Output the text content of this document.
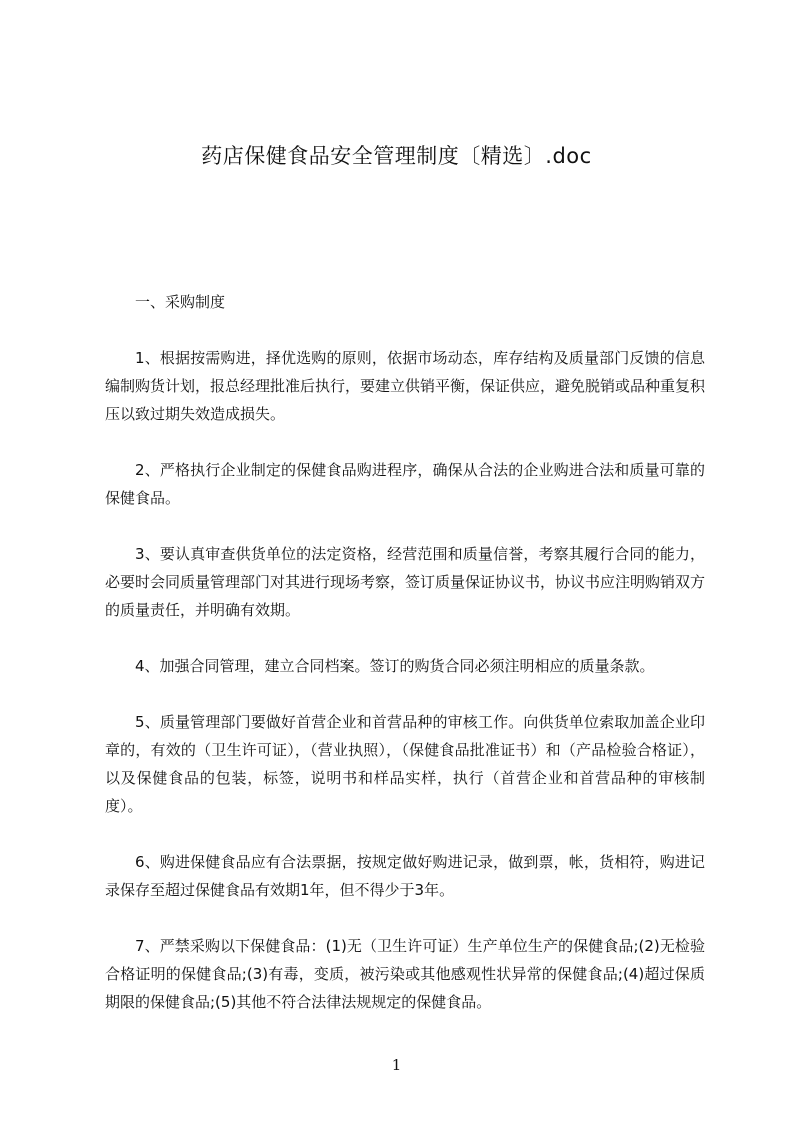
药店保健食品安全管理制度〔精选〕.doc

一、采购制度

1、根据按需购进，择优选购的原则，依据市场动态，库存结构及质量部门反馈的信息编制购货计划，报总经理批准后执行，要建立供销平衡，保证供应，避免脱销或品种重复积压以致过期失效造成损失。

2、严格执行企业制定的保健食品购进程序，确保从合法的企业购进合法和质量可靠的保健食品。

3、要认真审查供货单位的法定资格，经营范围和质量信誉，考察其履行合同的能力，必要时会同质量管理部门对其进行现场考察，签订质量保证协议书，协议书应注明购销双方的质量责任，并明确有效期。

4、加强合同管理，建立合同档案。签订的购货合同必须注明相应的质量条款。

5、质量管理部门要做好首营企业和首营品种的审核工作。向供货单位索取加盖企业印章的，有效的（卫生许可证），（营业执照），（保健食品批准证书）和（产品检验合格证），以及保健食品的包装，标签，说明书和样品实样，执行（首营企业和首营品种的审核制度）。

6、购进保健食品应有合法票据，按规定做好购进记录，做到票，帐，货相符，购进记录保存至超过保健食品有效期1年，但不得少于3年。

7、严禁采购以下保健食品：(1)无（卫生许可证）生产单位生产的保健食品;(2)无检验合格证明的保健食品;(3)有毒，变质，被污染或其他感观性状异常的保健食品;(4)超过保质期限的保健食品;(5)其他不符合法律法规规定的保健食品。

1
